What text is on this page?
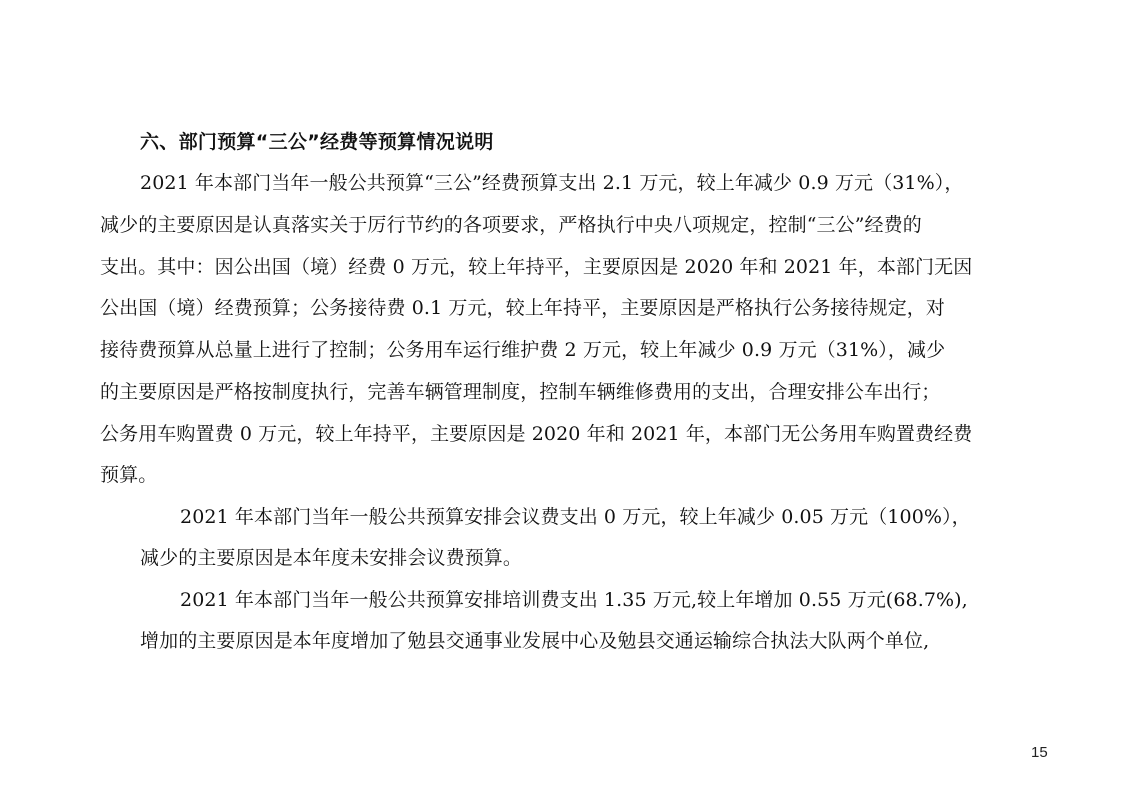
六、部门预算“三公”经费等预算情况说明
2021 年本部门当年一般公共预算“三公”经费预算支出 2.1 万元，较上年减少 0.9 万元（31%），
减少的主要原因是认真落实关于厉行节约的各项要求，严格执行中央八项规定，控制“三公”经费的
支出。其中：因公出国（境）经费 0 万元，较上年持平，主要原因是 2020 年和 2021 年，本部门无因
公出国（境）经费预算；公务接待费 0.1 万元，较上年持平，主要原因是严格执行公务接待规定，对
接待费预算从总量上进行了控制；公务用车运行维护费 2 万元，较上年减少 0.9 万元（31%），减少
的主要原因是严格按制度执行，完善车辆管理制度，控制车辆维修费用的支出，合理安排公车出行；
公务用车购置费 0 万元，较上年持平，主要原因是 2020 年和 2021 年，本部门无公务用车购置费经费
预算。
2021 年本部门当年一般公共预算安排会议费支出 0 万元，较上年减少 0.05 万元（100%），
减少的主要原因是本年度未安排会议费预算。
2021 年本部门当年一般公共预算安排培训费支出 1.35 万元,较上年增加 0.55 万元(68.7%),
增加的主要原因是本年度增加了勉县交通事业发展中心及勉县交通运输综合执法大队两个单位,
15
